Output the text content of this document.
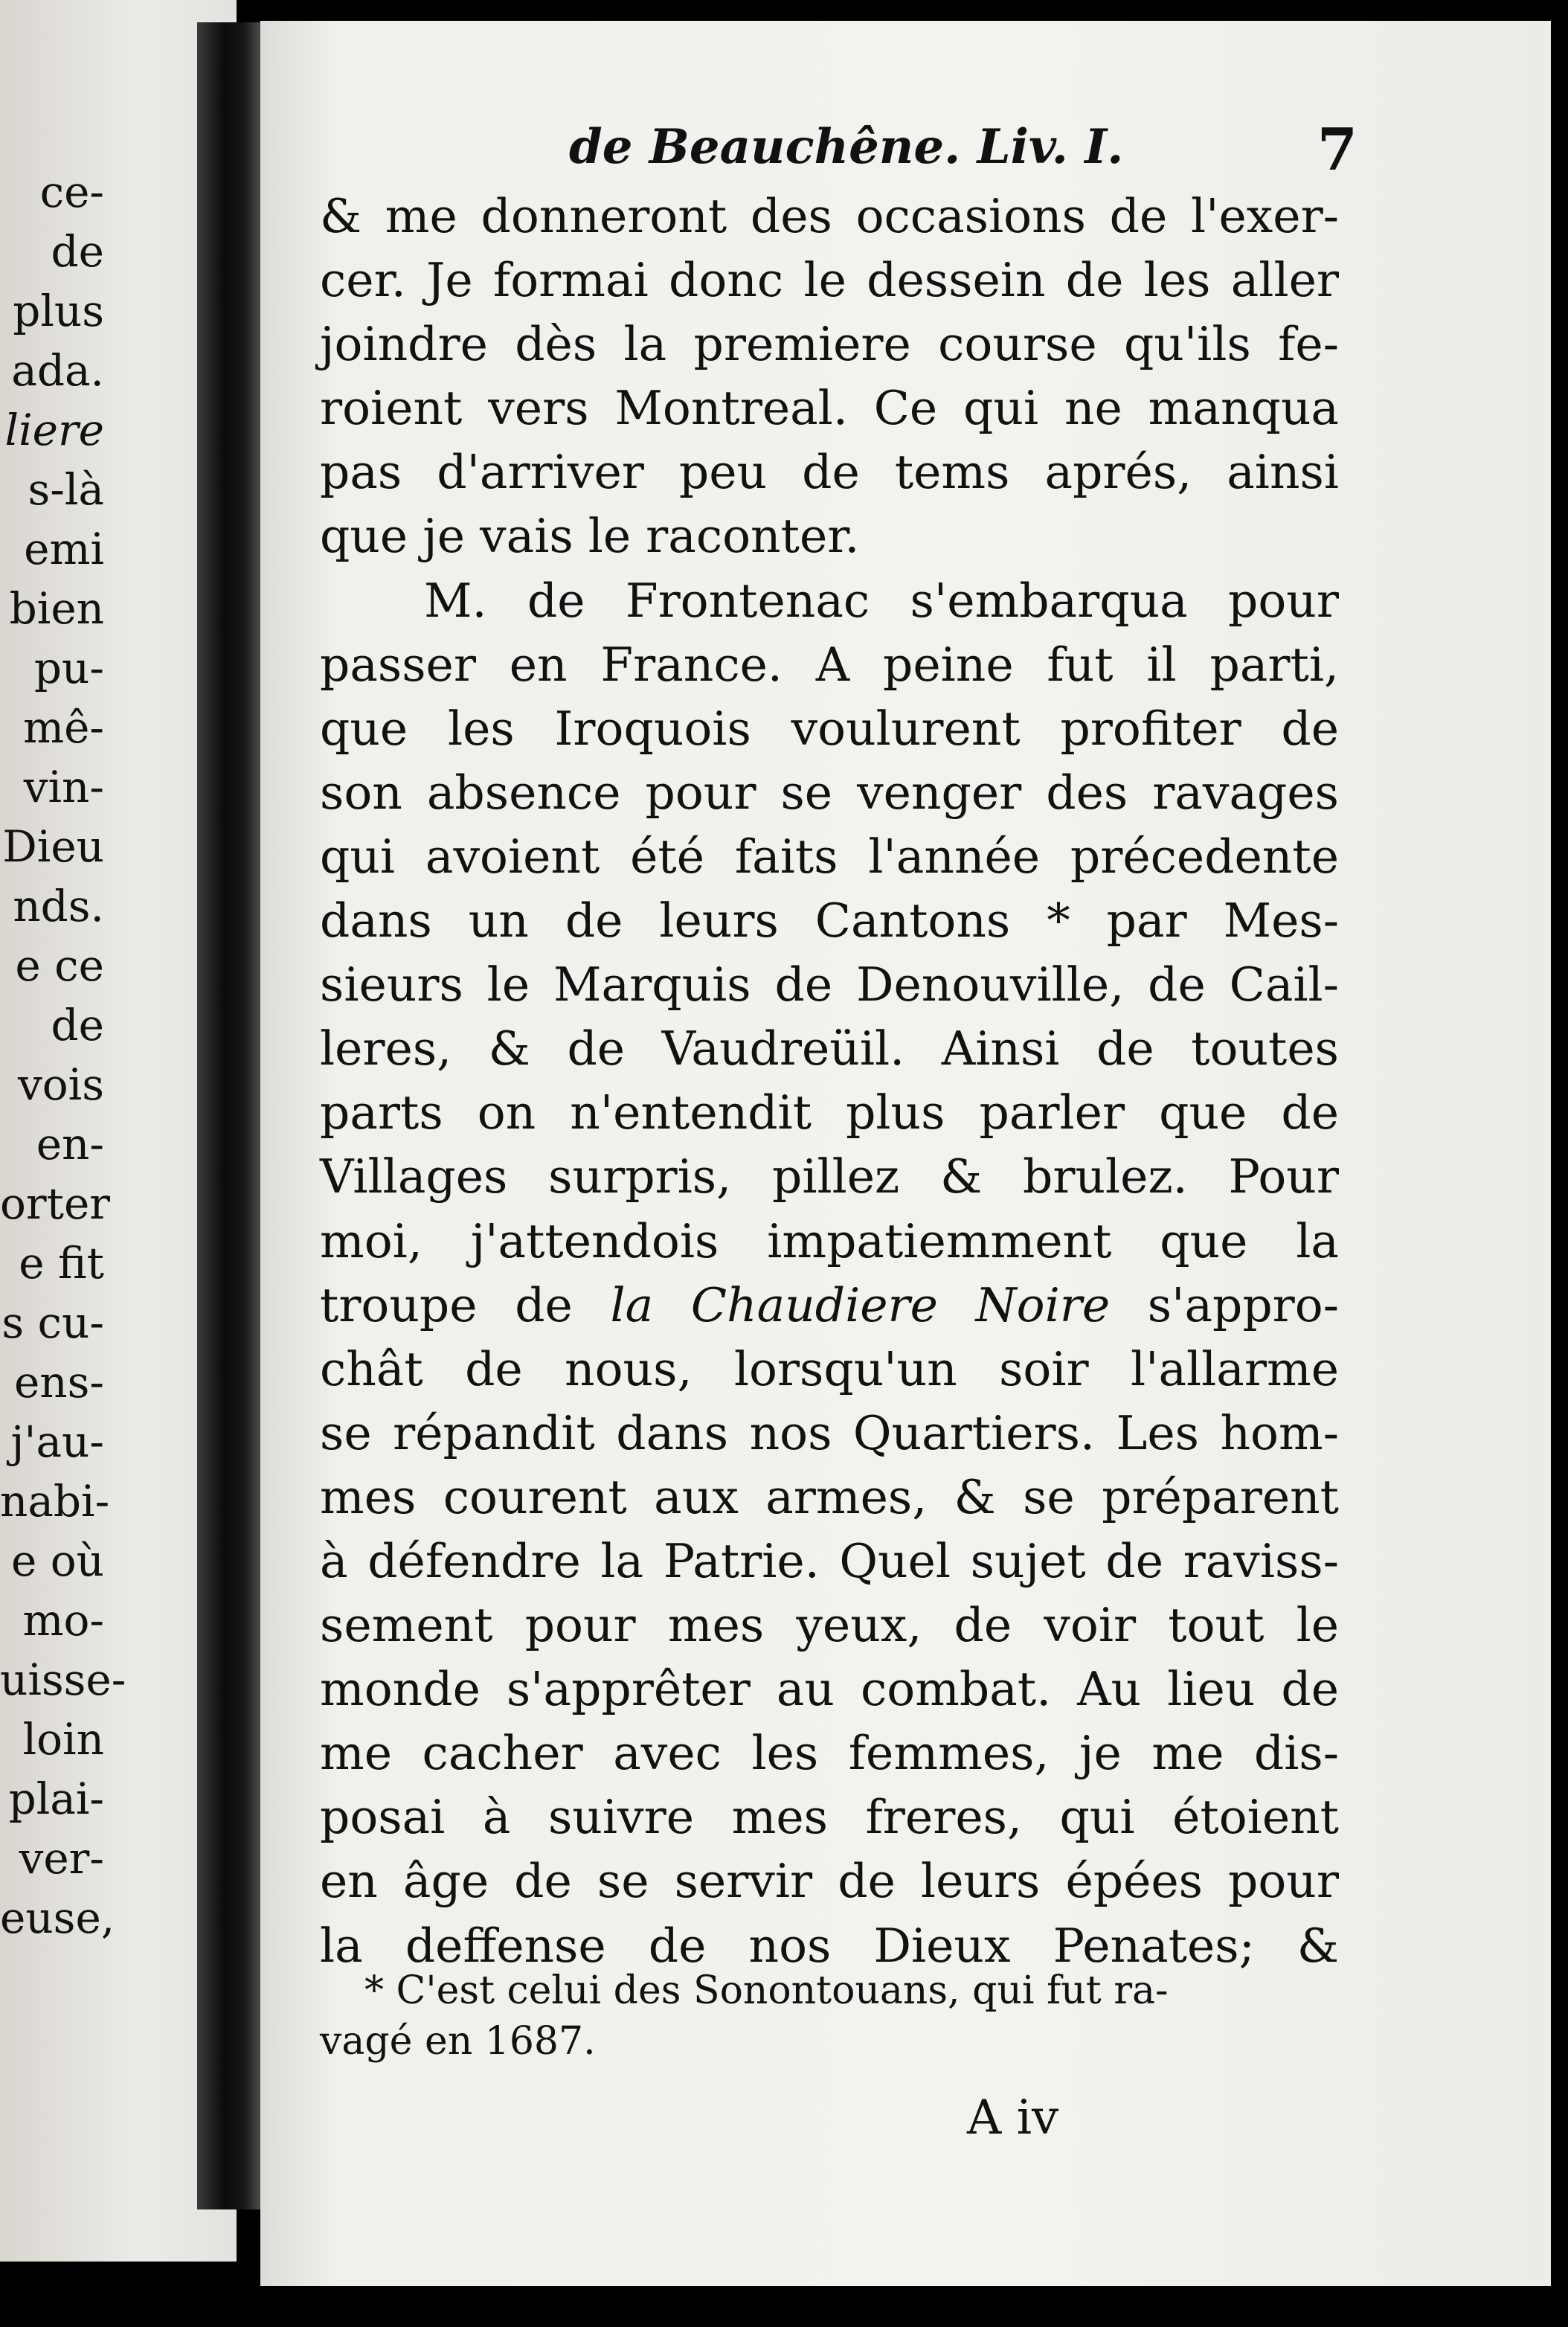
ce-
de
plus
ada.
liere
s-là
emi
bien
pu-
mê-
vin-
Dieu
nds.
e ce
de
vois
en-
orter
e fit
s cu-
ens-
j'au-
nabi-
e où
mo-
uisse-
loin
plai-
ver-
euse,
de Beauchêne. Liv. I.	7
& me donneront des occasions de l'exer-
cer. Je formai donc le dessein de les aller
joindre dès la premiere course qu'ils fe-
roient vers Montreal. Ce qui ne manqua
pas d'arriver peu de tems aprés, ainsi
que je vais le raconter.
M. de Frontenac s'embarqua pour
passer en France. A peine fut il parti,
que les Iroquois voulurent profiter de
son absence pour se venger des ravages
qui avoient été faits l'année précedente
dans un de leurs Cantons * par Mes-
sieurs le Marquis de Denouville, de Cail-
leres, & de Vaudreüil. Ainsi de toutes
parts on n'entendit plus parler que de
Villages surpris, pillez & brulez. Pour
moi, j'attendois impatiemment que la
troupe de la Chaudiere Noire s'appro-
chât de nous, lorsqu'un soir l'allarme
se répandit dans nos Quartiers. Les hom-
mes courent aux armes, & se préparent
à défendre la Patrie. Quel sujet de raviss-
sement pour mes yeux, de voir tout le
monde s'apprêter au combat. Au lieu de
me cacher avec les femmes, je me dis-
posai à suivre mes freres, qui étoient
en âge de se servir de leurs épées pour
la deffense de nos Dieux Penates; &
* C'est celui des Sonontouans, qui fut ra-
vagé en 1687.
A iv
